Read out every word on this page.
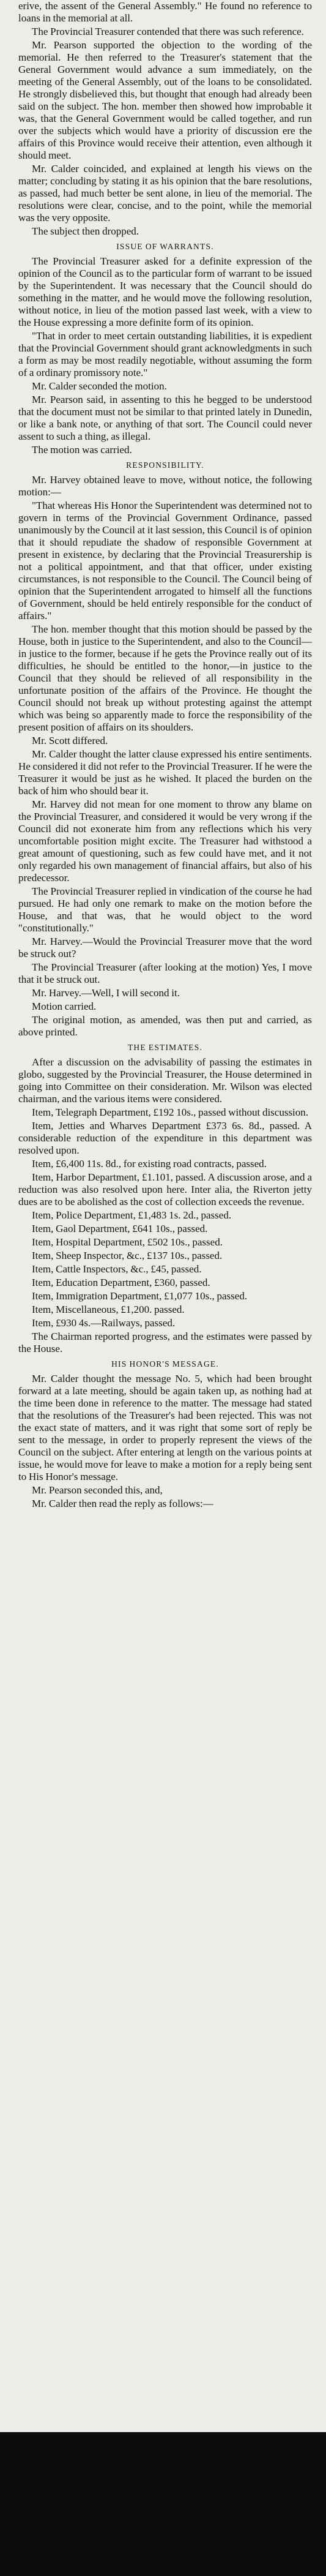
erive, the assent of the General Assembly." He found no reference to loans in the memorial at all.

The Provincial Treasurer contended that there was such reference.

Mr. Pearson supported the objection to the wording of the memorial. He then referred to the Treasurer's statement that the General Government would advance a sum immediately, on the meeting of the General Assembly, out of the loans to be consolidated. He strongly disbelieved this, but thought that enough had already been said on the subject. The hon. member then showed how improbable it was, that the General Government would be called together, and run over the subjects which would have a priority of discussion ere the affairs of this Province would receive their attention, even although it should meet.

Mr. Calder coincided, and explained at length his views on the matter; concluding by stating it as his opinion that the bare resolutions, as passed, had much better be sent alone, in lieu of the memorial. The resolutions were clear, concise, and to the point, while the memorial was the very opposite.

The subject then dropped.

ISSUE OF WARRANTS.

The Provincial Treasurer asked for a definite expression of the opinion of the Council as to the particular form of warrant to be issued by the Superintendent. It was necessary that the Council should do something in the matter, and he would move the following resolution, without notice, in lieu of the motion passed last week, with a view to the House expressing a more definite form of its opinion.

"That in order to meet certain outstanding liabilities, it is expedient that the Provincial Government should grant acknowledgments in such a form as may be most readily negotiable, without assuming the form of a ordinary promissory note."

Mr. Calder seconded the motion.

Mr. Pearson said, in assenting to this he begged to be understood that the document must not be similar to that printed lately in Dunedin, or like a bank note, or anything of that sort. The Council could never assent to such a thing, as illegal.

The motion was carried.

RESPONSIBILITY.

Mr. Harvey obtained leave to move, without notice, the following motion:—

"That whereas His Honor the Superintendent was determined not to govern in terms of the Provincial Government Ordinance, passed unanimously by the Council at it last session, this Council is of opinion that it should repudiate the shadow of responsible Government at present in existence, by declaring that the Provincial Treasurership is not a political appointment, and that that officer, under existing circumstances, is not responsible to the Council. The Council being of opinion that the Superintendent arrogated to himself all the functions of Government, should be held entirely responsible for the conduct of affairs."

The hon. member thought that this motion should be passed by the House, both in justice to the Superintendent, and also to the Council—in justice to the former, because if he gets the Province really out of its difficulties, he should be entitled to the honor,—in justice to the Council that they should be relieved of all responsibility in the unfortunate position of the affairs of the Province. He thought the Council should not break up without protesting against the attempt which was being so apparently made to force the responsibility of the present position of affairs on its shoulders.

Mr. Scott differed.

Mr. Calder thought the latter clause expressed his entire sentiments. He considered it did not refer to the Provincial Treasurer. If he were the Treasurer it would be just as he wished. It placed the burden on the back of him who should bear it.

Mr. Harvey did not mean for one moment to throw any blame on the Provincial Treasurer, and considered it would be very wrong if the Council did not exonerate him from any reflections which his very uncomfortable position might excite. The Treasurer had withstood a great amount of questioning, such as few could have met, and it not only regarded his own management of financial affairs, but also of his predecessor.

The Provincial Treasurer replied in vindication of the course he had pursued. He had only one remark to make on the motion before the House, and that was, that he would object to the word "constitutionally."

Mr. Harvey.—Would the Provincial Treasurer move that the word be struck out?

The Provincial Treasurer (after looking at the motion) Yes, I move that it be struck out.

Mr. Harvey.—Well, I will second it.

Motion carried.

The original motion, as amended, was then put and carried, as above printed.

THE ESTIMATES.

After a discussion on the advisability of passing the estimates in globo, suggested by the Provincial Treasurer, the House determined in going into Committee on their consideration. Mr. Wilson was elected chairman, and the various items were considered.

Item, Telegraph Department, £192 10s., passed without discussion.

Item, Jetties and Wharves Department £373 6s. 8d., passed. A considerable reduction of the expenditure in this department was resolved upon.

Item, £6,400 11s. 8d., for existing road contracts, passed.

Item, Harbor Department, £1.101, passed. A discussion arose, and a reduction was also resolved upon here. Inter alia, the Riverton jetty dues are to be abolished as the cost of collection exceeds the revenue.

Item, Police Department, £1,483 1s. 2d., passed.

Item, Gaol Department, £641 10s., passed.

Item, Hospital Department, £502 10s., passed.

Item, Sheep Inspector, &c., £137 10s., passed.

Item, Cattle Inspectors, &c., £45, passed.

Item, Education Department, £360, passed.

Item, Immigration Department, £1,077 10s., passed.

Item, Miscellaneous, £1,200. passed.

Item, £930 4s.—Railways, passed.

The Chairman reported progress, and the estimates were passed by the House.

HIS HONOR'S MESSAGE.

Mr. Calder thought the message No. 5, which had been brought forward at a late meeting, should be again taken up, as nothing had at the time been done in reference to the matter. The message had stated that the resolutions of the Treasurer's had been rejected. This was not the exact state of matters, and it was right that some sort of reply be sent to the message, in order to properly represent the views of the Council on the subject. After entering at length on the various points at issue, he would move for leave to make a motion for a reply being sent to His Honor's message.

Mr. Pearson seconded this, and,

Mr. Calder then read the reply as follows:—
